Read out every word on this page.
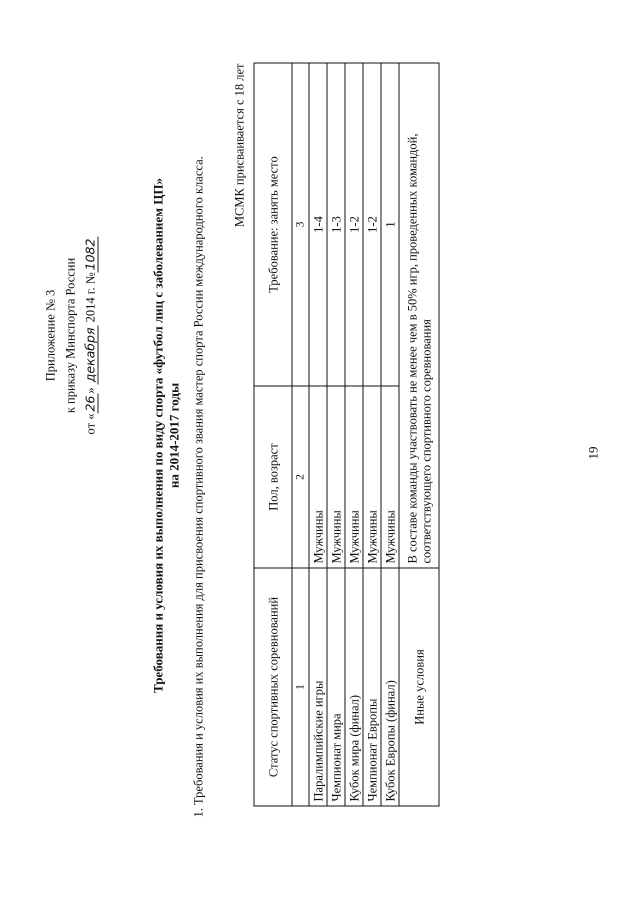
19
Приложение № 3 к приказу Минспорта России
от «26» декабря 2014 г. №1082	Требования и условия их выполнения по виду спорта «футбол лиц с заболеванием ЦП» на 2014-2017 годы 1. Требования и условия их выполнения для присвоения спортивного звания мастер спорта России международного класса.
МСМК присваивается с 18 лет
Статус спортивных соревнований	Пол, возраст	Требование: занять место
1	2	3
Паралимпийские игры	Мужчины	1-4
Чемпионат мира	Мужчины	1-3
Кубок мира (финал)	Мужчины	1-2
Чемпионат Европы	Мужчины	1-2
Кубок Европы (финал)	Мужчины	1
Иные условия	В составе команды участвовать не менее чем в 50% игр, проведенных командой, соответствующего спортивного соревнования	
